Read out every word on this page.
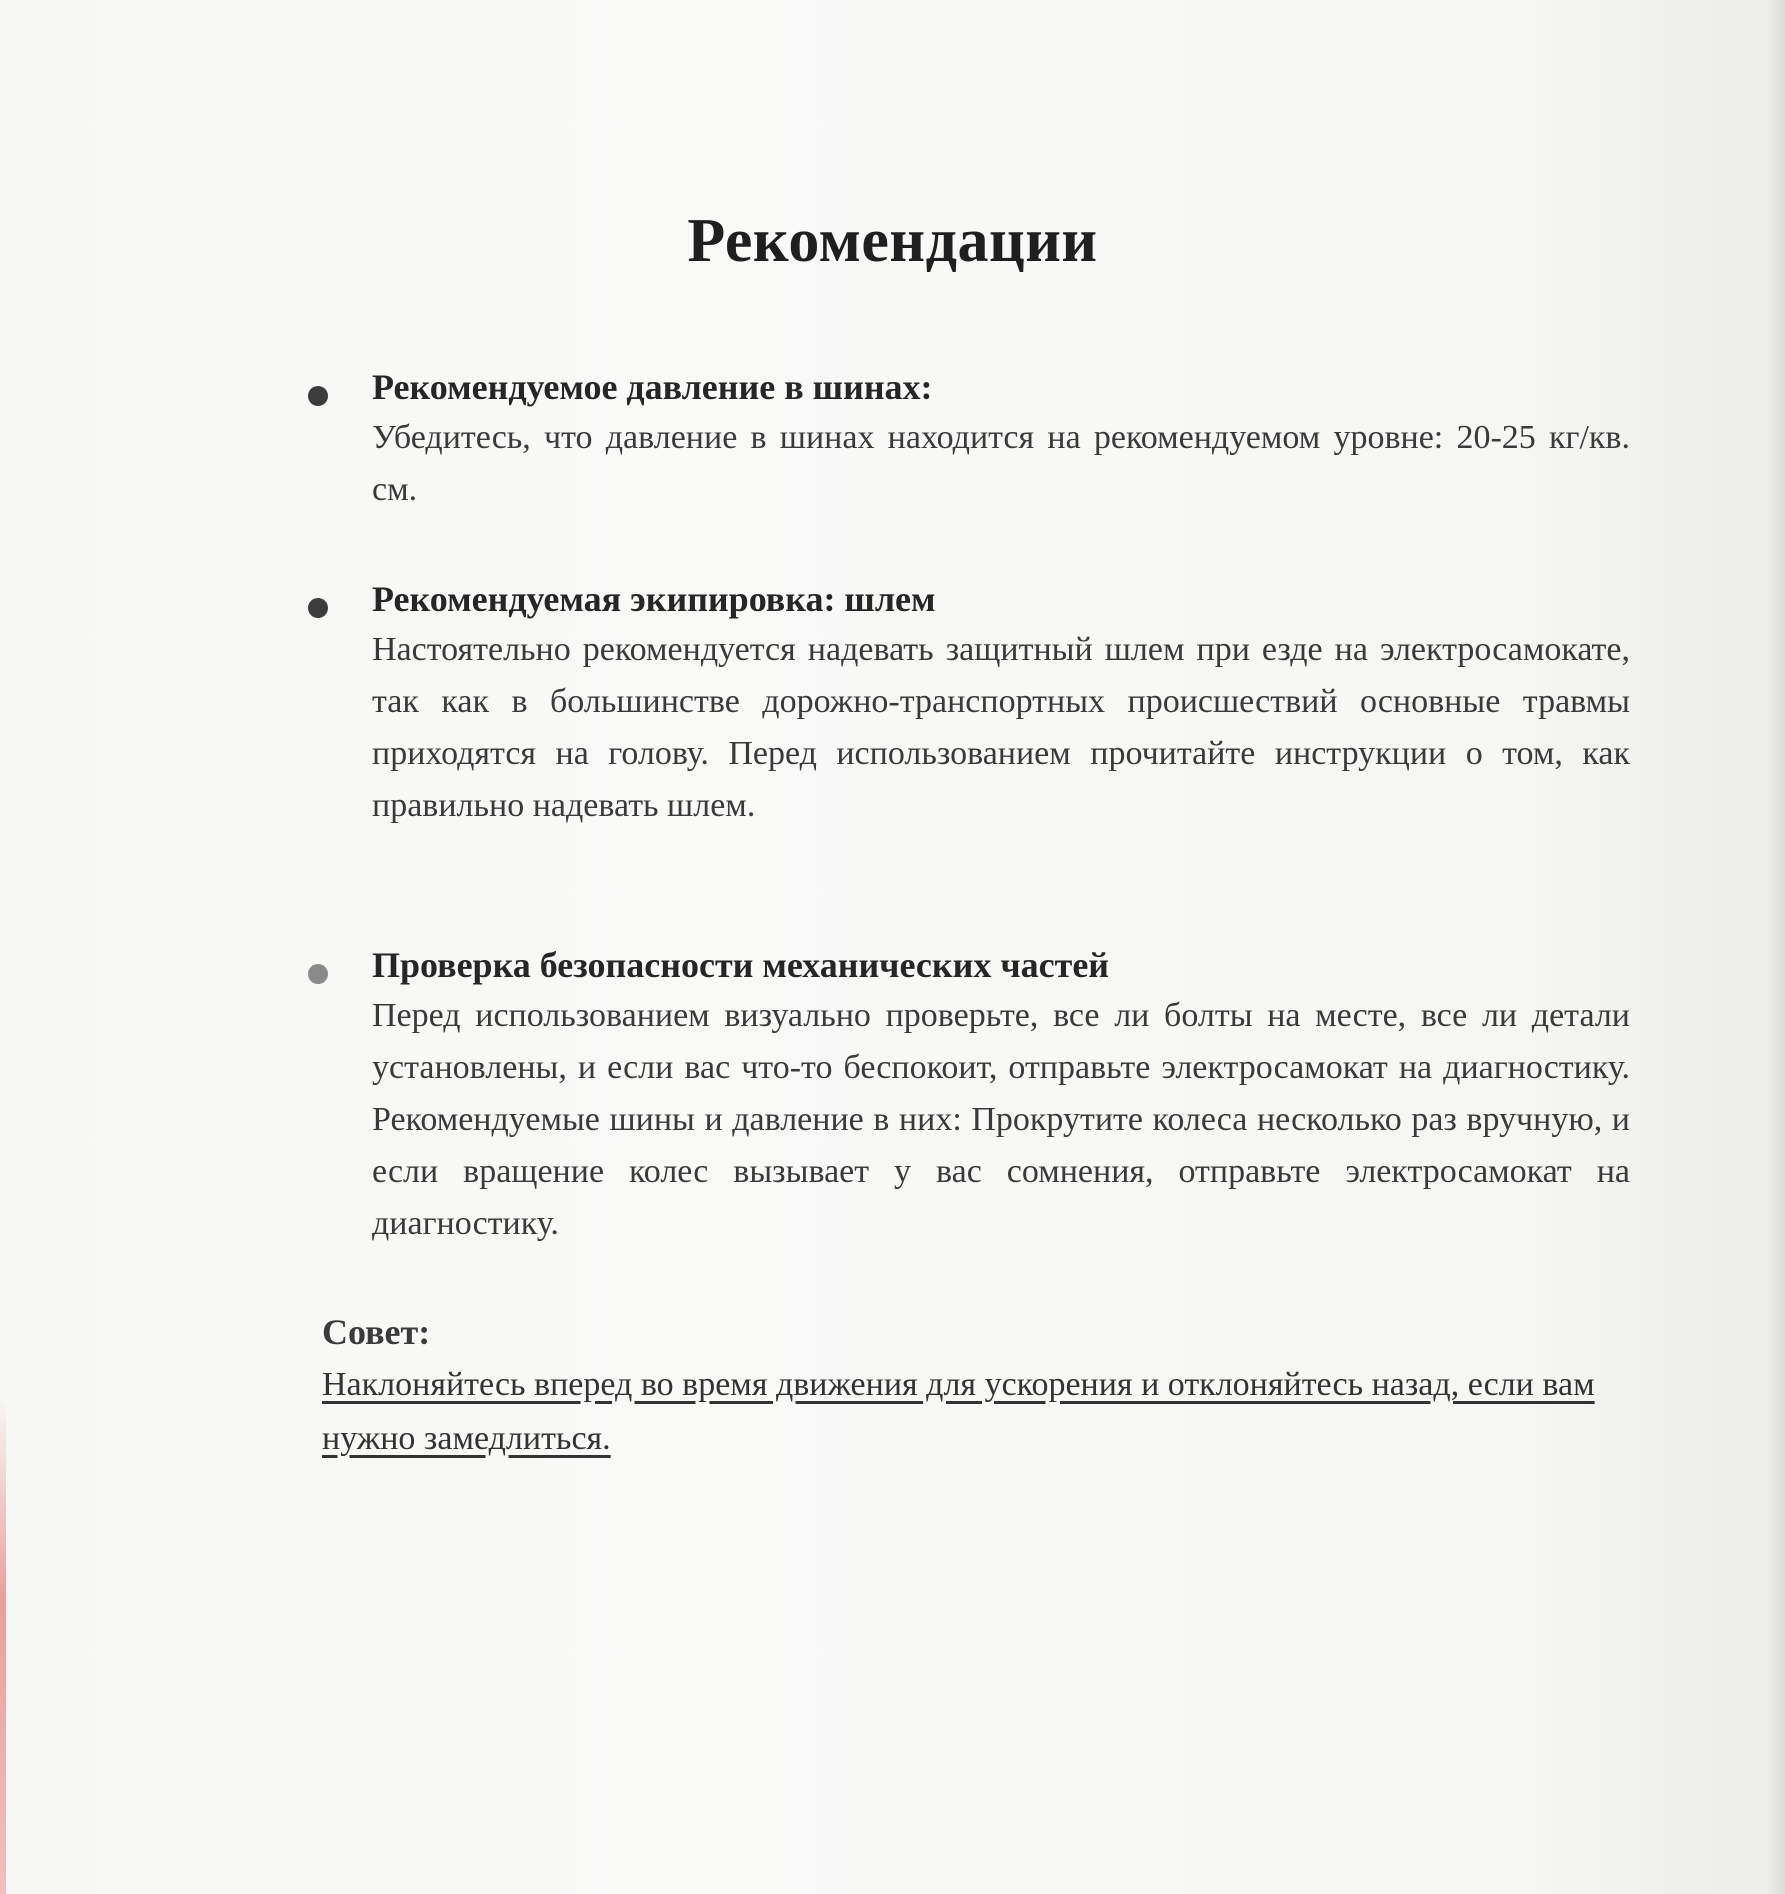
Рекомендации
Рекомендуемое давление в шинах:

Убедитесь, что давление в шинах находится на рекомендуемом уровне: 20-25 кг/кв. см.

Рекомендуемая экипировка: шлем

Настоятельно рекомендуется надевать защитный шлем при езде на электросамокате, так как в большинстве дорожно-транспортных происшествий основные травмы приходятся на голову. Перед использованием прочитайте инструкции о том, как правильно надевать шлем.

Проверка безопасности механических частей

Перед использованием визуально проверьте, все ли болты на месте, все ли детали установлены, и если вас что-то беспокоит, отправьте электросамокат на диагностику. Рекомендуемые шины и давление в них: Прокрутите колеса несколько раз вручную, и если вращение колес вызывает у вас сомнения, отправьте электросамокат на диагностику.

Совет:

Наклоняйтесь вперед во время движения для ускорения и отклоняйтесь назад, если вам нужно замедлиться.
